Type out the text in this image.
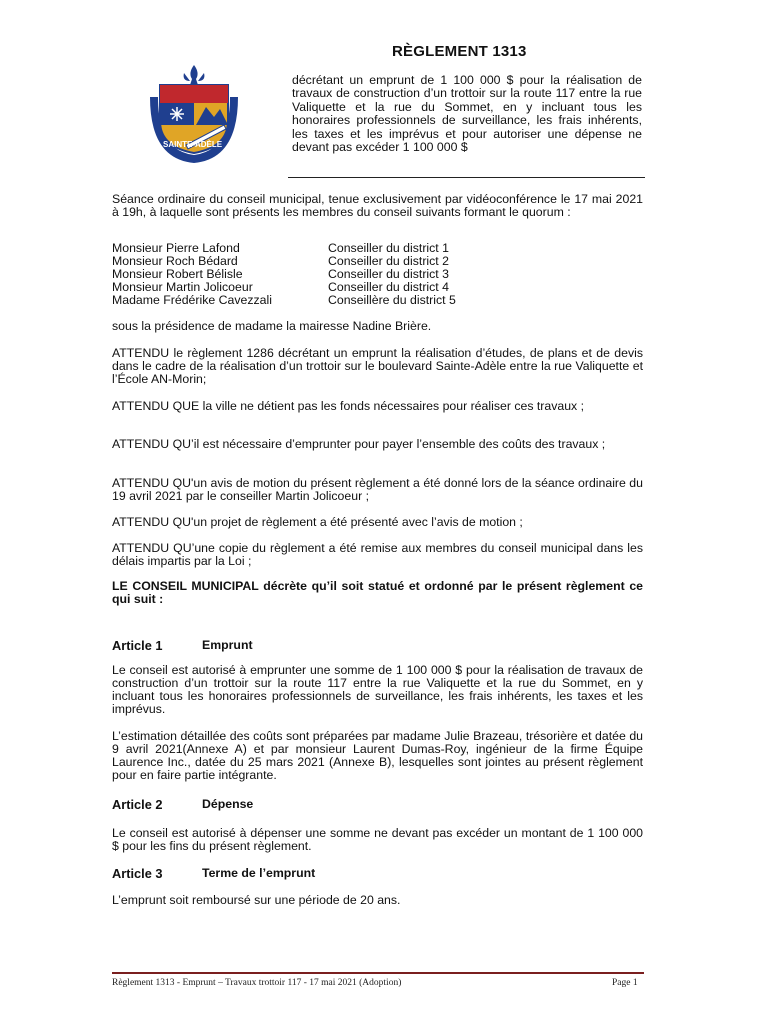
SAINTE-ADÈLE
RÈGLEMENT 1313
décrétant un emprunt de 1 100 000 $ pour la réalisation de travaux de construction d’un trottoir sur la route 117 entre la rue Valiquette et la rue du Sommet, en y incluant tous les honoraires professionnels de surveillance, les frais inhérents, les taxes et les imprévus et pour autoriser une dépense ne devant pas excéder 1 100 000 $

Séance ordinaire du conseil municipal, tenue exclusivement par vidéoconférence le 17 mai 2021 à 19h, à laquelle sont présents les membres du conseil suivants formant le quorum :

Monsieur Pierre Lafond	Conseiller du district 1
Monsieur Roch Bédard	Conseiller du district 2
Monsieur Robert Bélisle	Conseiller du district 3
Monsieur Martin Jolicoeur	Conseiller du district 4
Madame Frédérike Cavezzali	Conseillère du district 5

sous la présidence de madame la mairesse Nadine Brière.

ATTENDU le règlement 1286 décrétant un emprunt la réalisation d’études, de plans et de devis dans le cadre de la réalisation d’un trottoir sur le boulevard Sainte-Adèle entre la rue Valiquette et l’École AN-Morin;

ATTENDU QUE la ville ne détient pas les fonds nécessaires pour réaliser ces travaux ;

ATTENDU QU’il est nécessaire d’emprunter pour payer l’ensemble des coûts des travaux ;

ATTENDU QU'un avis de motion du présent règlement a été donné lors de la séance ordinaire du 19 avril 2021 par le conseiller Martin Jolicoeur ;

ATTENDU QU'un projet de règlement a été présenté avec l’avis de motion ;

ATTENDU QU’une copie du règlement a été remise aux membres du conseil municipal dans les délais impartis par la Loi ;

LE CONSEIL MUNICIPAL décrète qu’il soit statué et ordonné par le présent règlement ce qui suit :

Article 1	Emprunt

Le conseil est autorisé à emprunter une somme de 1 100 000 $ pour la réalisation de travaux de construction d’un trottoir sur la route 117 entre la rue Valiquette et la rue du Sommet, en y incluant tous les honoraires professionnels de surveillance, les frais inhérents, les taxes et les imprévus.

L’estimation détaillée des coûts sont préparées par madame Julie Brazeau, trésorière et datée du 9 avril 2021(Annexe A) et par monsieur Laurent Dumas-Roy, ingénieur de la firme Équipe Laurence Inc., datée du 25 mars 2021 (Annexe B), lesquelles sont jointes au présent règlement pour en faire partie intégrante.

Article 2	Dépense

Le conseil est autorisé à dépenser une somme ne devant pas excéder un montant de 1 100 000 $ pour les fins du présent règlement.

Article 3	Terme de l’emprunt

L’emprunt soit remboursé sur une période de 20 ans.

Règlement 1313 - Emprunt – Travaux trottoir 117 - 17 mai 2021 (Adoption)	Page 1
